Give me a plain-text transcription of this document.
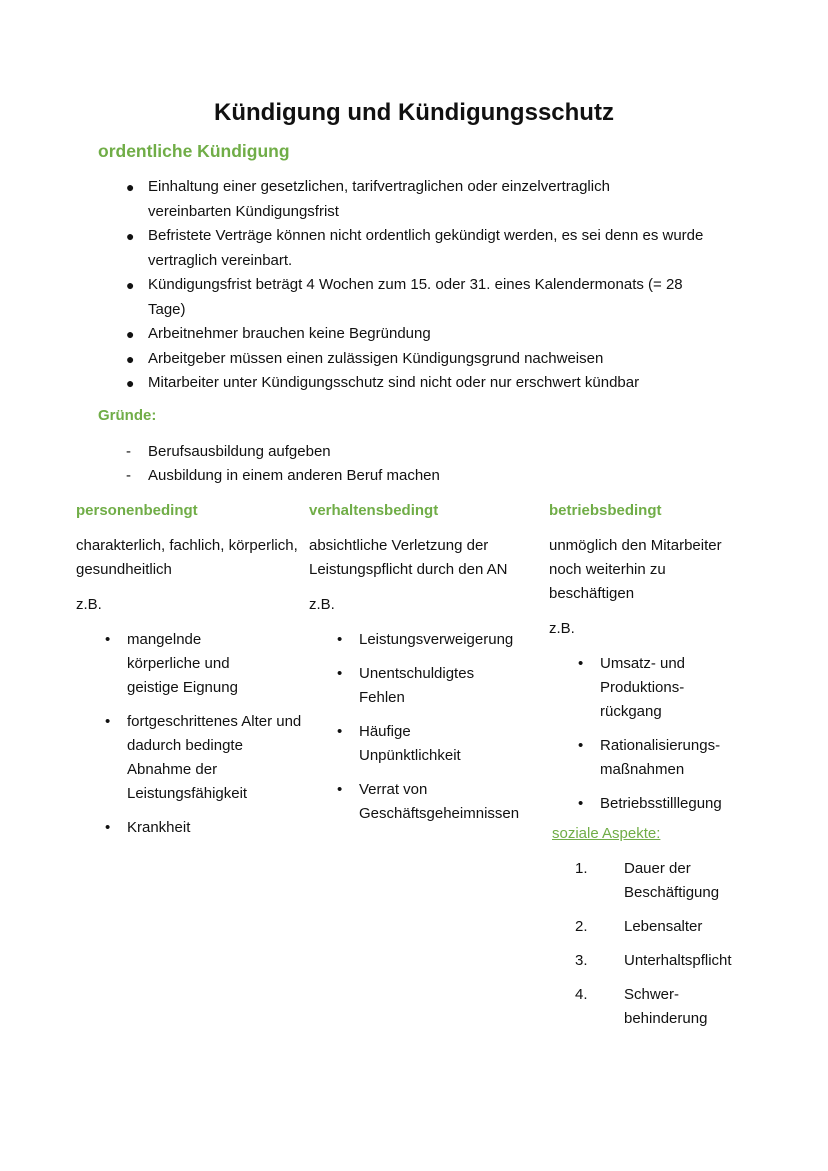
Kündigung und Kündigungsschutz
ordentliche Kündigung
● Einhaltung einer gesetzlichen, tarifvertraglichen oder einzelvertraglich vereinbarten Kündigungsfrist
● Befristete Verträge können nicht ordentlich gekündigt werden, es sei denn es wurde vertraglich vereinbart.
● Kündigungsfrist beträgt 4 Wochen zum 15. oder 31. eines Kalendermonats (= 28 Tage)
● Arbeitnehmer brauchen keine Begründung
● Arbeitgeber müssen einen zulässigen Kündigungsgrund nachweisen
● Mitarbeiter unter Kündigungsschutz sind nicht oder nur erschwert kündbar
Gründe:
- Berufsausbildung aufgeben
- Ausbildung in einem anderen Beruf machen

personenbedingt

charakterlich, fachlich, körperlich, gesundheitlich

z.B.

• mangelnde körperliche und geistige Eignung
• fortgeschrittenes Alter und dadurch bedingte Abnahme der Leistungsfähigkeit
• Krankheit

verhaltensbedingt

absichtliche Verletzung der Leistungspflicht durch den AN

z.B.

• Leistungsverweigerung
• Unentschuldigtes Fehlen
• Häufige Unpünktlichkeit
• Verrat von Geschäftsgeheimnissen

betriebsbedingt

unmöglich den Mitarbeiter noch weiterhin zu beschäftigen

z.B.

• Umsatz- und Produktions-rückgang
• Rationalisierungs-maßnahmen
• Betriebsstilllegung

soziale Aspekte:

1. Dauer der Beschäftigung
2. Lebensalter
3. Unterhaltspflicht
4. Schwer-behinderung
